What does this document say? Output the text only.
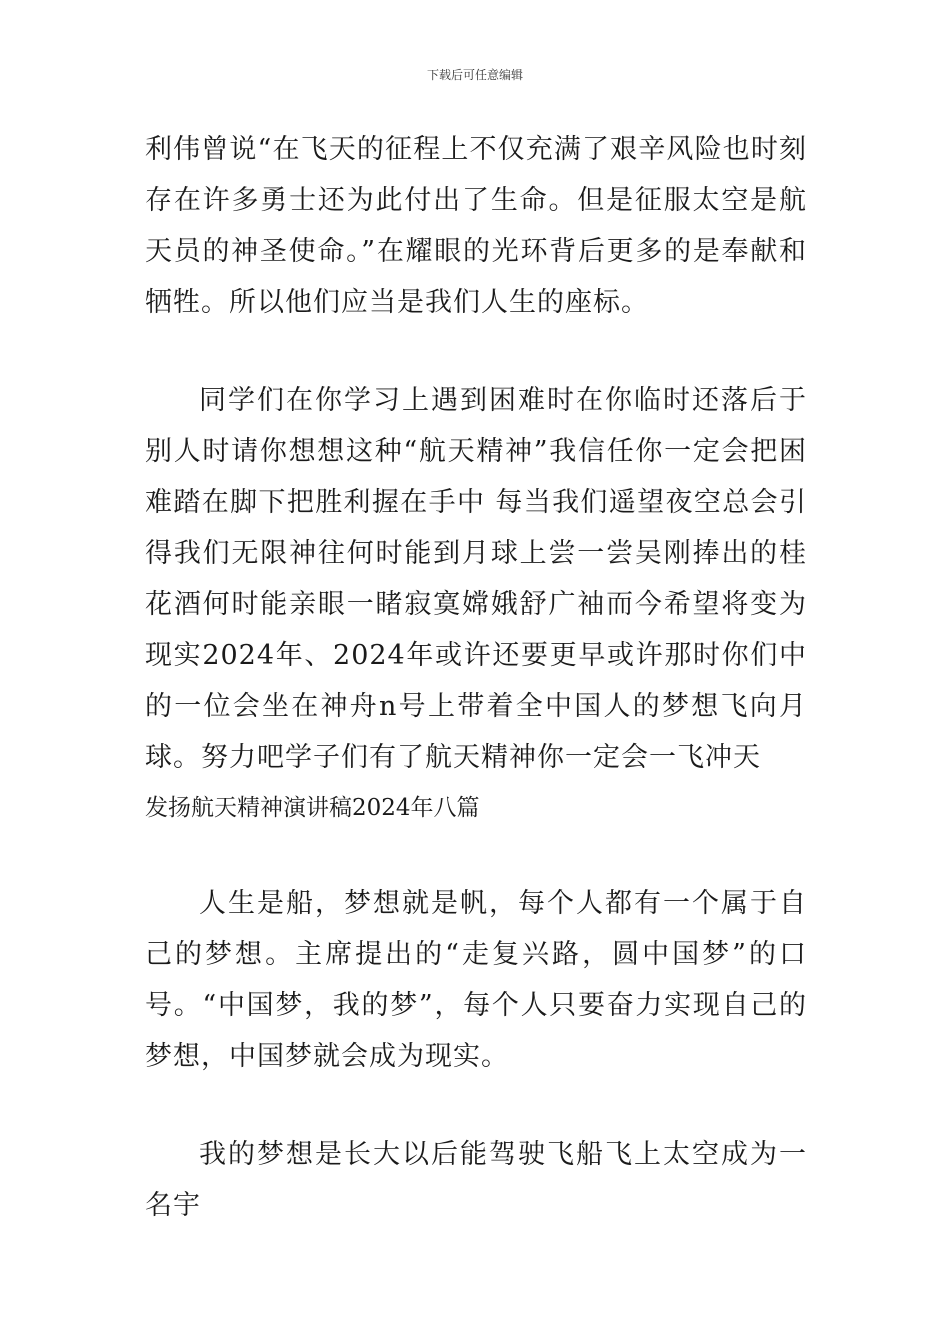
下载后可任意编辑

利伟曾说“在飞天的征程上不仅充满了艰辛风险也时刻存在许多勇士还为此付出了生命。但是征服太空是航天员的神圣使命。”在耀眼的光环背后更多的是奉献和牺牲。所以他们应当是我们人生的座标。

同学们在你学习上遇到困难时在你临时还落后于别人时请你想想这种“航天精神”我信任你一定会把困难踏在脚下把胜利握在手中 每当我们遥望夜空总会引得我们无限神往何时能到月球上尝一尝吴刚捧出的桂花酒何时能亲眼一睹寂寞嫦娥舒广袖而今希望将变为现实2024年、2024年或许还要更早或许那时你们中的一位会坐在神舟n号上带着全中国人的梦想飞向月球。努力吧学子们有了航天精神你一定会一飞冲天

发扬航天精神演讲稿2024年八篇

人生是船，梦想就是帆，每个人都有一个属于自己的梦想。主席提出的“走复兴路，圆中国梦”的口号。“中国梦，我的梦”，每个人只要奋力实现自己的梦想，中国梦就会成为现实。

我的梦想是长大以后能驾驶飞船飞上太空成为一名宇
